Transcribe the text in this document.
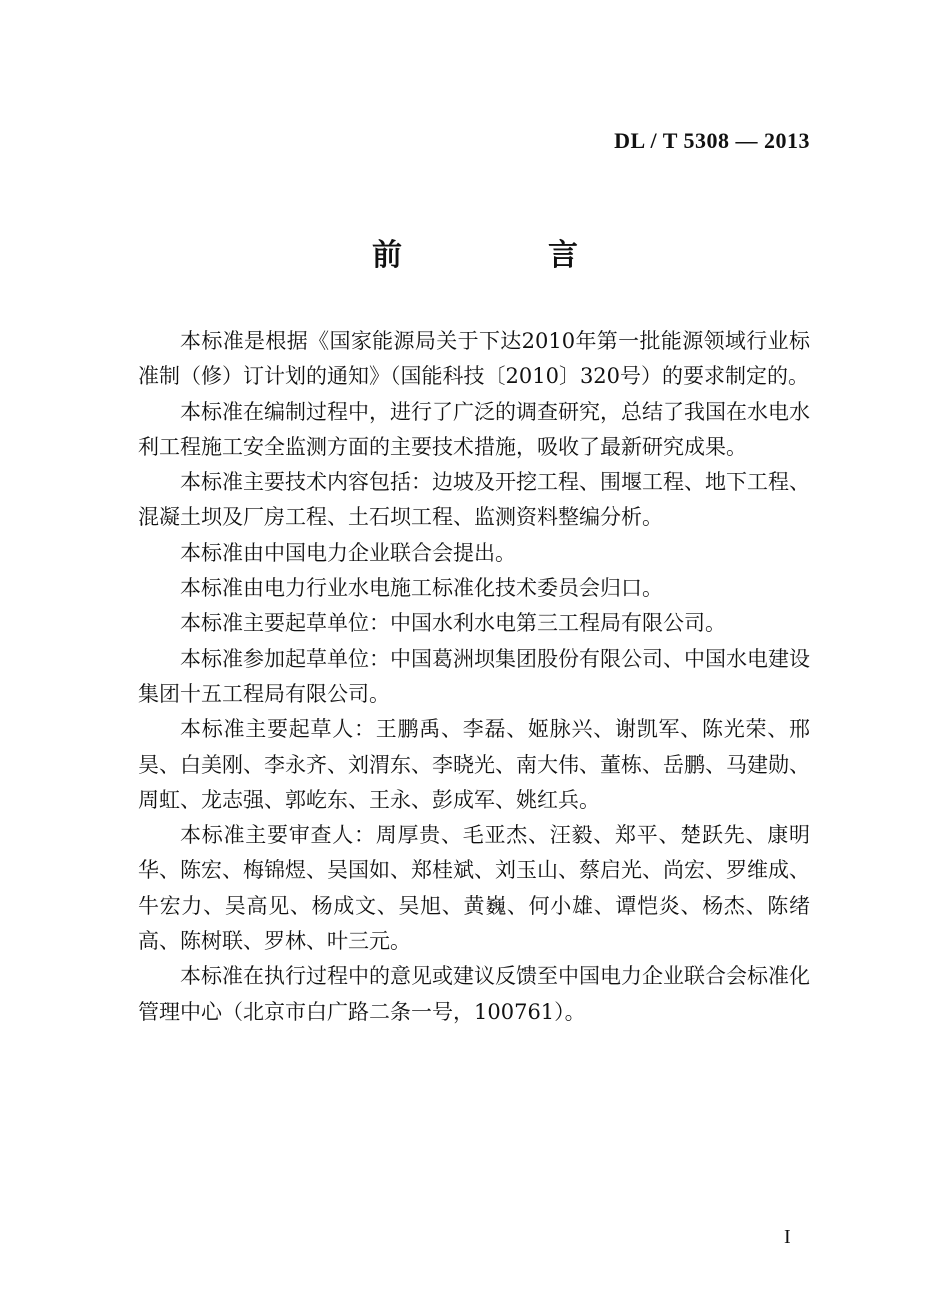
DL / T 5308 — 2013
前　言

本标准是根据《国家能源局关于下达2010年第一批能源领域行业标准制（修）订计划的通知》（国能科技〔2010〕320号）的要求制定的。

本标准在编制过程中，进行了广泛的调查研究，总结了我国在水电水利工程施工安全监测方面的主要技术措施，吸收了最新研究成果。

本标准主要技术内容包括：边坡及开挖工程、围堰工程、地下工程、混凝土坝及厂房工程、土石坝工程、监测资料整编分析。

本标准由中国电力企业联合会提出。

本标准由电力行业水电施工标准化技术委员会归口。

本标准主要起草单位：中国水利水电第三工程局有限公司。

本标准参加起草单位：中国葛洲坝集团股份有限公司、中国水电建设集团十五工程局有限公司。

本标准主要起草人：王鹏禹、李磊、姬脉兴、谢凯军、陈光荣、邢昊、白美刚、李永齐、刘渭东、李晓光、南大伟、董栋、岳鹏、马建勋、周虹、龙志强、郭屹东、王永、彭成军、姚红兵。

本标准主要审查人：周厚贵、毛亚杰、汪毅、郑平、楚跃先、康明华、陈宏、梅锦煜、吴国如、郑桂斌、刘玉山、蔡启光、尚宏、罗维成、牛宏力、吴高见、杨成文、吴旭、黄巍、何小雄、谭恺炎、杨杰、陈绪高、陈树联、罗林、叶三元。

本标准在执行过程中的意见或建议反馈至中国电力企业联合会标准化管理中心（北京市白广路二条一号，100761）。

I
